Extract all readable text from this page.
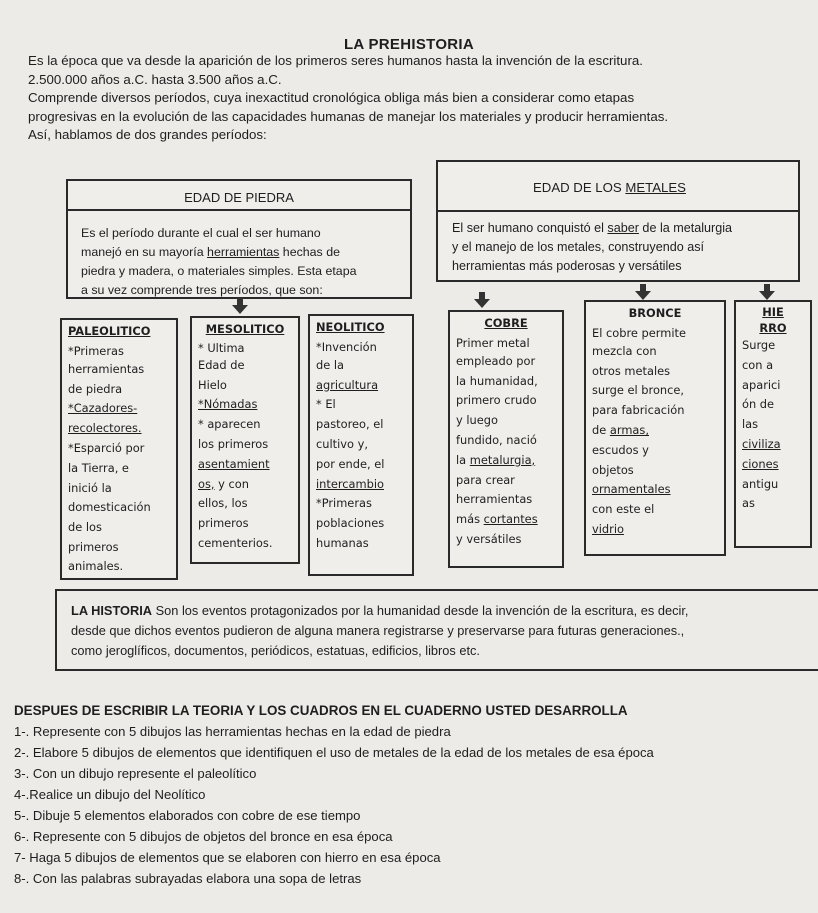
LA PREHISTORIA

Es la época que va desde la aparición de los primeros seres humanos hasta la invención de la escritura.

2.500.000 años a.C. hasta 3.500 años a.C.

Comprende diversos períodos, cuya inexactitud cronológica obliga más bien a considerar como etapas

progresivas en la evolución de las capacidades humanas de manejar los materiales y producir herramientas.

Así, hablamos de dos grandes períodos:

EDAD DE PIEDRA
Es el período durante el cual el ser humano
manejó en su mayoría herramientas hechas de
piedra y madera, o materiales simples. Esta etapa
a su vez comprende tres períodos, que son:
EDAD DE LOS METALES
El ser humano conquistó el saber de la metalurgia
y el manejo de los metales, construyendo así
herramientas más poderosas y versátiles
PALEOLITICO
*Primeras
herramientas
de piedra
*Cazadores-
recolectores.
*Esparció por
la Tierra, e
inició la
domesticación
de los
primeros
animales.
MESOLITICO
* Ultima
Edad de
Hielo
*Nómadas
* aparecen
los primeros
asentamient
os, y con
ellos, los
primeros
cementerios.
NEOLITICO
*Invención
de la
agricultura
* El
pastoreo, el
cultivo y,
por ende, el
intercambio
*Primeras
poblaciones
humanas
COBRE
Primer metal
empleado por
la humanidad,
primero crudo
y luego
fundido, nació
la metalurgia,
para crear
herramientas
más cortantes
y versátiles
BRONCE
El cobre permite
mezcla con
otros metales
surge el bronce,
para fabricación
de armas,
escudos y
objetos
ornamentales
con este el
vidrio
HIE
RRO
Surge
con a
aparici
ón de
las
civiliza
ciones
antigu
as

LA HISTORIA Son los eventos protagonizados por la humanidad desde la invención de la escritura, es decir,

desde que dichos eventos pudieron de alguna manera registrarse y preservarse para futuras generaciones.,

como jeroglíficos, documentos, periódicos, estatuas, edificios, libros etc.

DESPUES DE ESCRIBIR LA TEORIA Y LOS CUADROS EN EL CUADERNO USTED DESARROLLA
1-. Represente con 5 dibujos las herramientas hechas en la edad de piedra
2-. Elabore 5 dibujos de elementos que identifiquen el uso de metales de la edad de los metales de esa época
3-. Con un dibujo represente el paleolítico
4-.Realice un dibujo del Neolítico
5-. Dibuje 5 elementos elaborados con cobre de ese tiempo
6-. Represente con 5 dibujos de objetos del bronce en esa época
7- Haga 5 dibujos de elementos que se elaboren con hierro en esa época
8-. Con las palabras subrayadas elabora una sopa de letras
